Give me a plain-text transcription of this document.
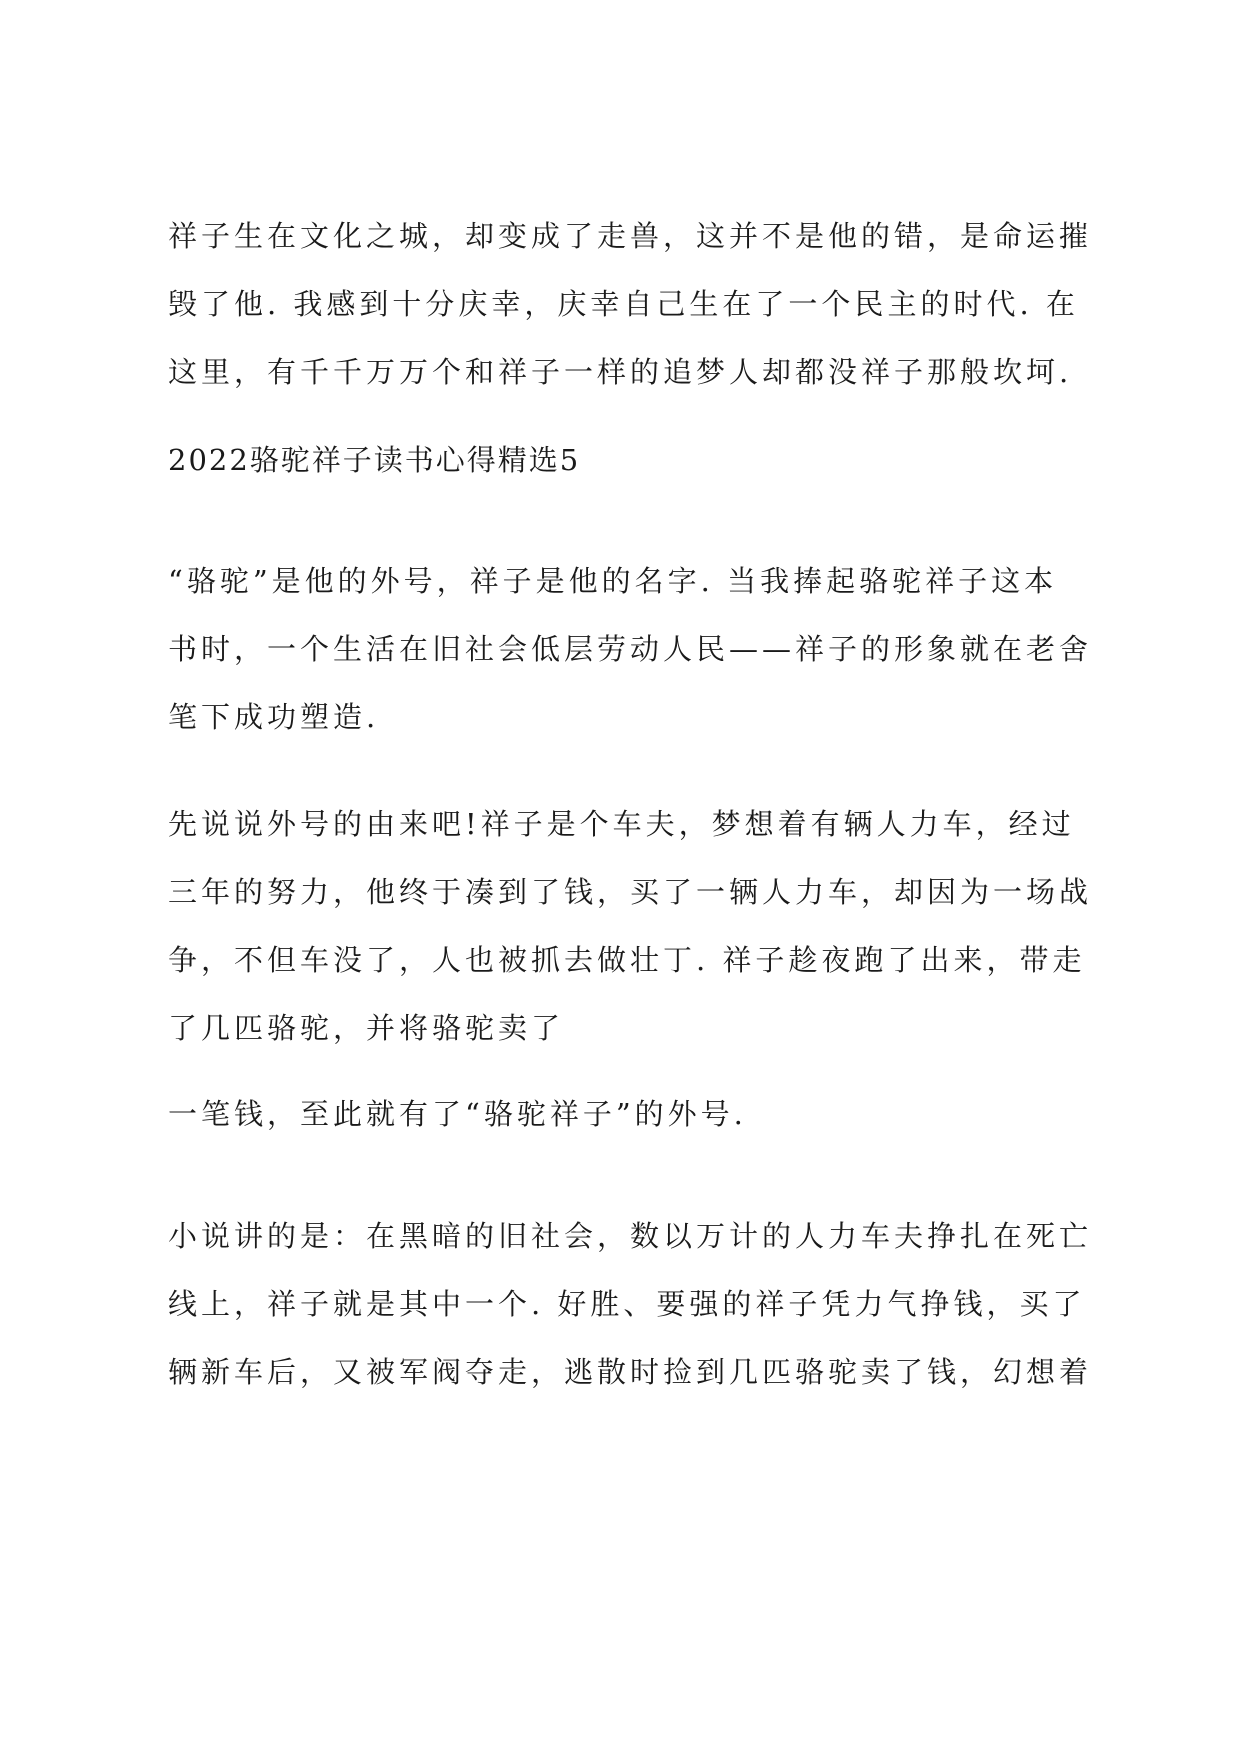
祥子生在文化之城，却变成了走兽，这并不是他的错，是命运摧
毁了他. 我感到十分庆幸，庆幸自己生在了一个民主的时代. 在
这里，有千千万万个和祥子一样的追梦人却都没祥子那般坎坷.
2022骆驼祥子读书心得精选5
“骆驼”是他的外号，祥子是他的名字. 当我捧起骆驼祥子这本
书时，一个生活在旧社会低层劳动人民——祥子的形象就在老舍
笔下成功塑造.
先说说外号的由来吧!祥子是个车夫，梦想着有辆人力车，经过
三年的努力，他终于凑到了钱，买了一辆人力车，却因为一场战
争，不但车没了，人也被抓去做壮丁. 祥子趁夜跑了出来，带走
了几匹骆驼，并将骆驼卖了
一笔钱，至此就有了“骆驼祥子”的外号.
小说讲的是：在黑暗的旧社会，数以万计的人力车夫挣扎在死亡
线上，祥子就是其中一个. 好胜、要强的祥子凭力气挣钱，买了
辆新车后，又被军阀夺走，逃散时捡到几匹骆驼卖了钱，幻想着
